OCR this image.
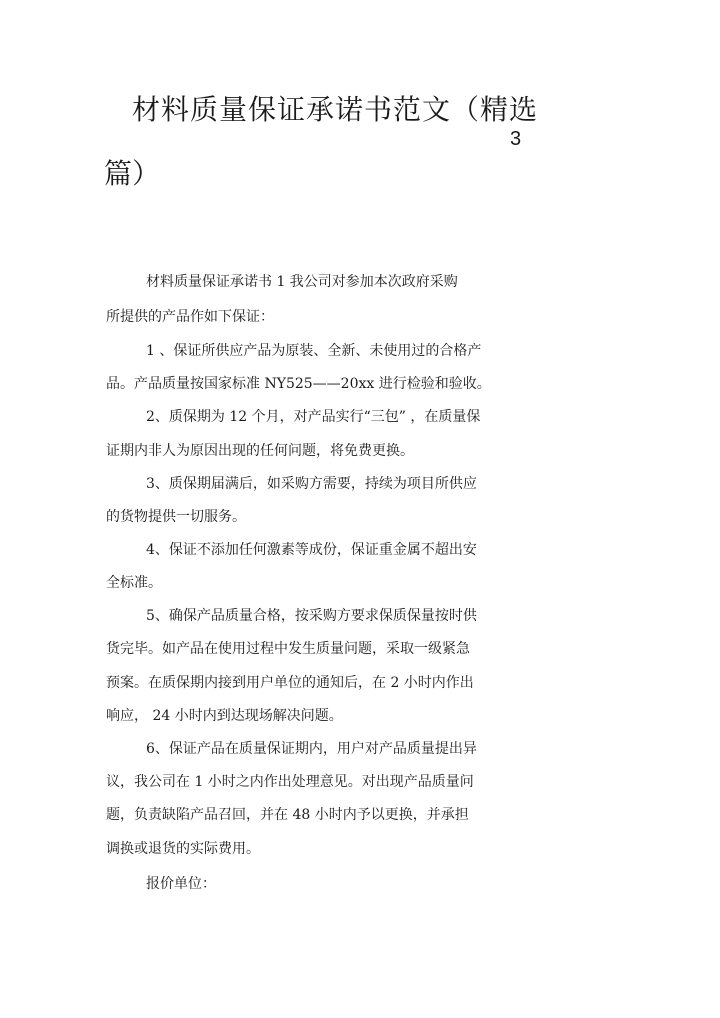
材料质量保证承诺书范文（精选
3
篇）
材料质量保证承诺书 1 我公司对参加本次政府采购
所提供的产品作如下保证：
1 、保证所供应产品为原装、全新、未使用过的合格产
品。产品质量按国家标准 NY525——20xx 进行检验和验收。
2、质保期为 12 个月，对产品实行“三包” ，在质量保
证期内非人为原因出现的任何问题，将免费更换。
3、质保期届满后，如采购方需要，持续为项目所供应
的货物提供一切服务。
4、保证不添加任何激素等成份，保证重金属不超出安
全标准。
5、确保产品质量合格，按采购方要求保质保量按时供
货完毕。如产品在使用过程中发生质量问题，采取一级紧急
预案。在质保期内接到用户单位的通知后，在 2 小时内作出
响应， 24 小时内到达现场解决问题。
6、保证产品在质量保证期内，用户对产品质量提出异
议，我公司在 1 小时之内作出处理意见。对出现产品质量问
题，负责缺陷产品召回，并在 48 小时内予以更换，并承担
调换或退货的实际费用。
报价单位：
